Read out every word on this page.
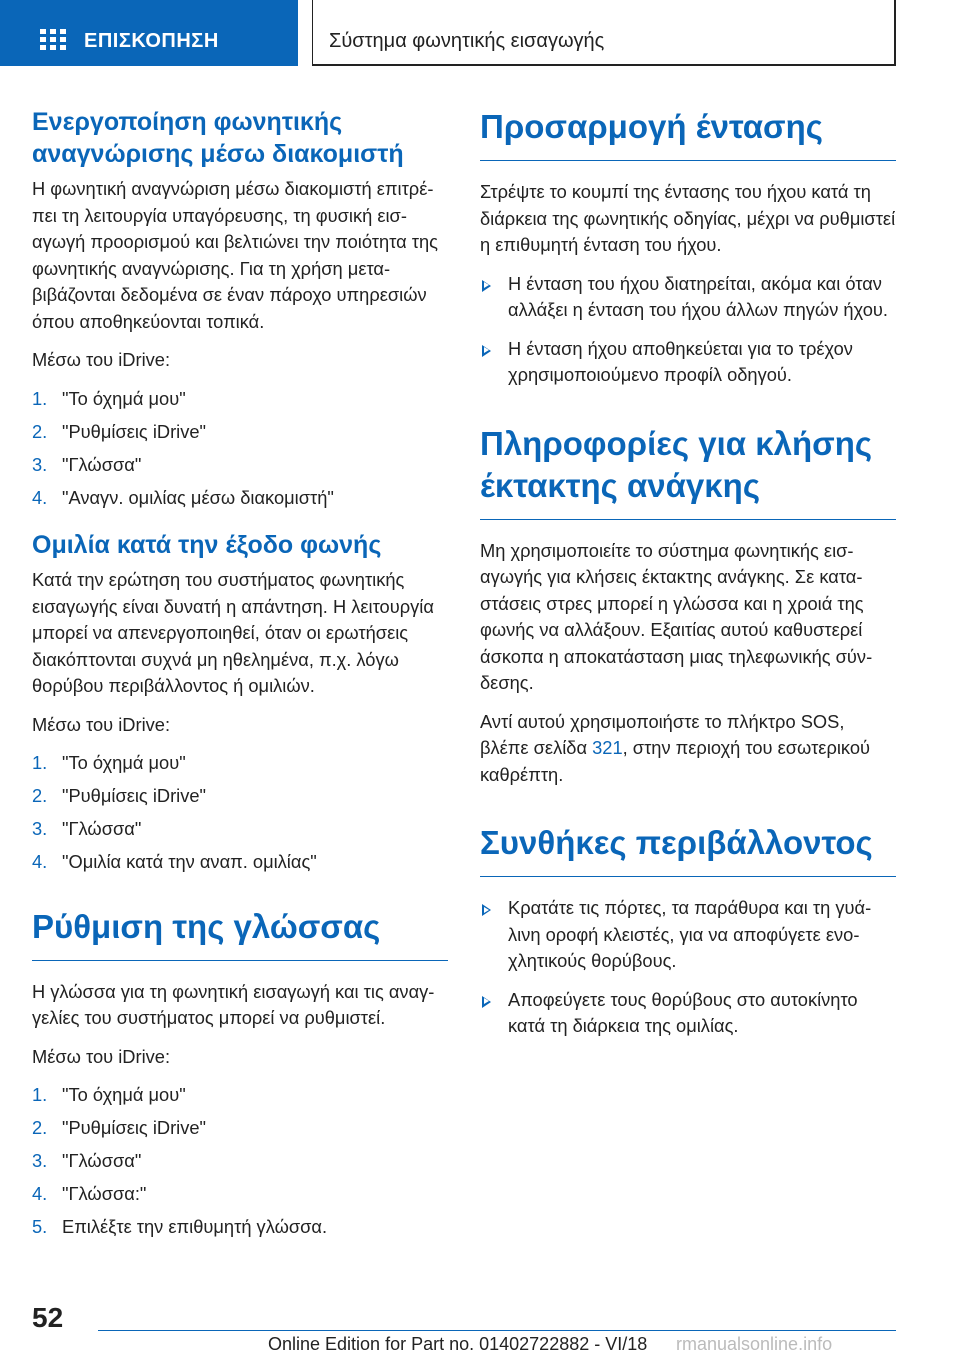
ΕΠΙΣΚΟΠΗΣΗ	Σύστημα φωνητικής εισαγωγής
Ενεργοποίηση φωνητικής αναγνώρισης μέσω διακομιστή

Η φωνητική αναγνώριση μέσω διακομιστή επιτρέπει τη λειτουργία υπαγόρευσης, τη φυσική εισαγωγή προορισμού και βελτιώνει την ποιότητα της φωνητικής αναγνώρισης. Για τη χρήση μεταβιβάζονται δεδομένα σε έναν πάροχο υπηρεσιών όπου αποθηκεύονται τοπικά.

Μέσω του iDrive:

1. "Το όχημά μου"
2. "Ρυθμίσεις iDrive"
3. "Γλώσσα"
4. "Αναγν. ομιλίας μέσω διακομιστή"
Ομιλία κατά την έξοδο φωνής

Κατά την ερώτηση του συστήματος φωνητικής εισαγωγής είναι δυνατή η απάντηση. Η λειτουργία μπορεί να απενεργοποιηθεί, όταν οι ερωτήσεις διακόπτονται συχνά μη ηθελημένα, π.χ. λόγω θορύβου περιβάλλοντος ή ομιλιών.

Μέσω του iDrive:

1. "Το όχημά μου"
2. "Ρυθμίσεις iDrive"
3. "Γλώσσα"
4. "Ομιλία κατά την αναπ. ομιλίας"
Ρύθμιση της γλώσσας

Η γλώσσα για τη φωνητική εισαγωγή και τις αναγγελίες του συστήματος μπορεί να ρυθμιστεί.

Μέσω του iDrive:

1. "Το όχημά μου"
2. "Ρυθμίσεις iDrive"
3. "Γλώσσα"
4. "Γλώσσα:"
5. Επιλέξτε την επιθυμητή γλώσσα.
Προσαρμογή έντασης

Στρέψτε το κουμπί της έντασης του ήχου κατά τη διάρκεια της φωνητικής οδηγίας, μέχρι να ρυθμιστεί η επιθυμητή ένταση του ήχου.

Η ένταση του ήχου διατηρείται, ακόμα και όταν αλλάξει η ένταση του ήχου άλλων πηγών ήχου.
Η ένταση ήχου αποθηκεύεται για το τρέχον χρησιμοποιούμενο προφίλ οδηγού.
Πληροφορίες για κλήσης έκτακτης ανάγκης

Μη χρησιμοποιείτε το σύστημα φωνητικής εισαγωγής για κλήσεις έκτακτης ανάγκης. Σε καταστάσεις στρες μπορεί η γλώσσα και η χροιά της φωνής να αλλάξουν. Εξαιτίας αυτού καθυστερεί άσκοπα η αποκατάσταση μιας τηλεφωνικής σύνδεσης.

Αντί αυτού χρησιμοποιήστε το πλήκτρο SOS, βλέπε σελίδα 321, στην περιοχή του εσωτερικού καθρέπτη.

Συνθήκες περιβάλλοντος
Κρατάτε τις πόρτες, τα παράθυρα και τη γυάλινη οροφή κλειστές, για να αποφύγετε ενοχλητικούς θορύβους.
Αποφεύγετε τους θορύβους στο αυτοκίνητο κατά τη διάρκεια της ομιλίας.
52
Online Edition for Part no. 01402722882 - VI/18 rmanualsonline.info
